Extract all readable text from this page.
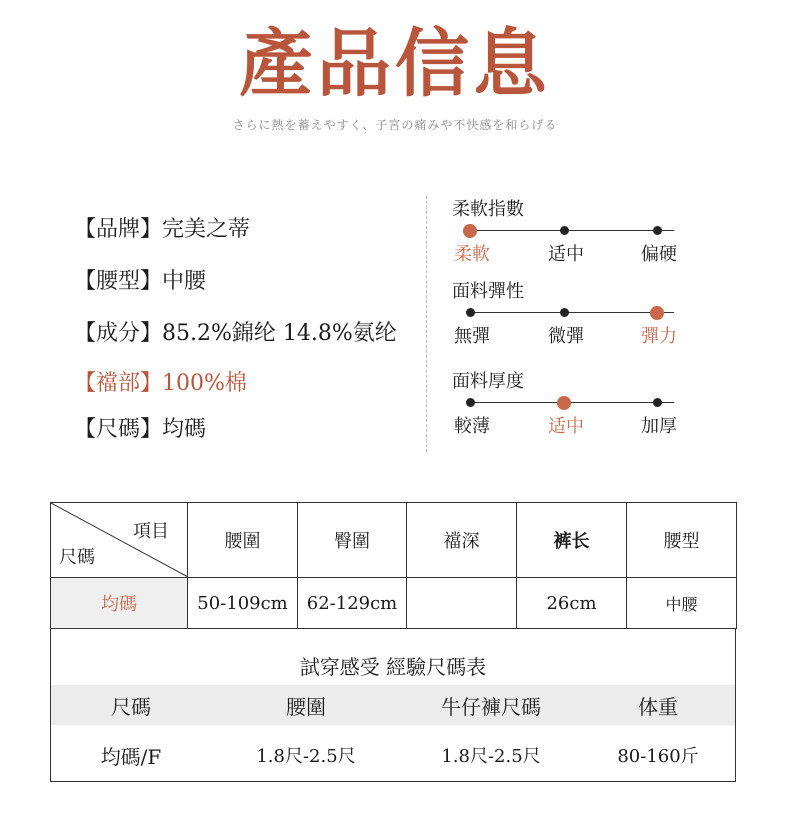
產品信息
さらに熱を蓄えやすく、子宮の痛みや不快感を和らげる
【品牌】完美之蒂
【腰型】中腰
【成分】85.2%錦纶 14.8%氨纶
【襠部】100%棉
【尺碼】均碼
柔軟指數
柔軟	适中	偏硬
面料彈性
無彈	微彈	彈力
面料厚度
較薄	适中	加厚
項目
尺碼	腰圍	臀圍	襠深	裤长	腰型
均碼	50-109cm	62-129cm		26cm	中腰
試穿感受 經驗尺碼表
尺碼	腰圍	牛仔褲尺碼	体重
均碼/F	1.8尺-2.5尺	1.8尺-2.5尺	80-160斤
